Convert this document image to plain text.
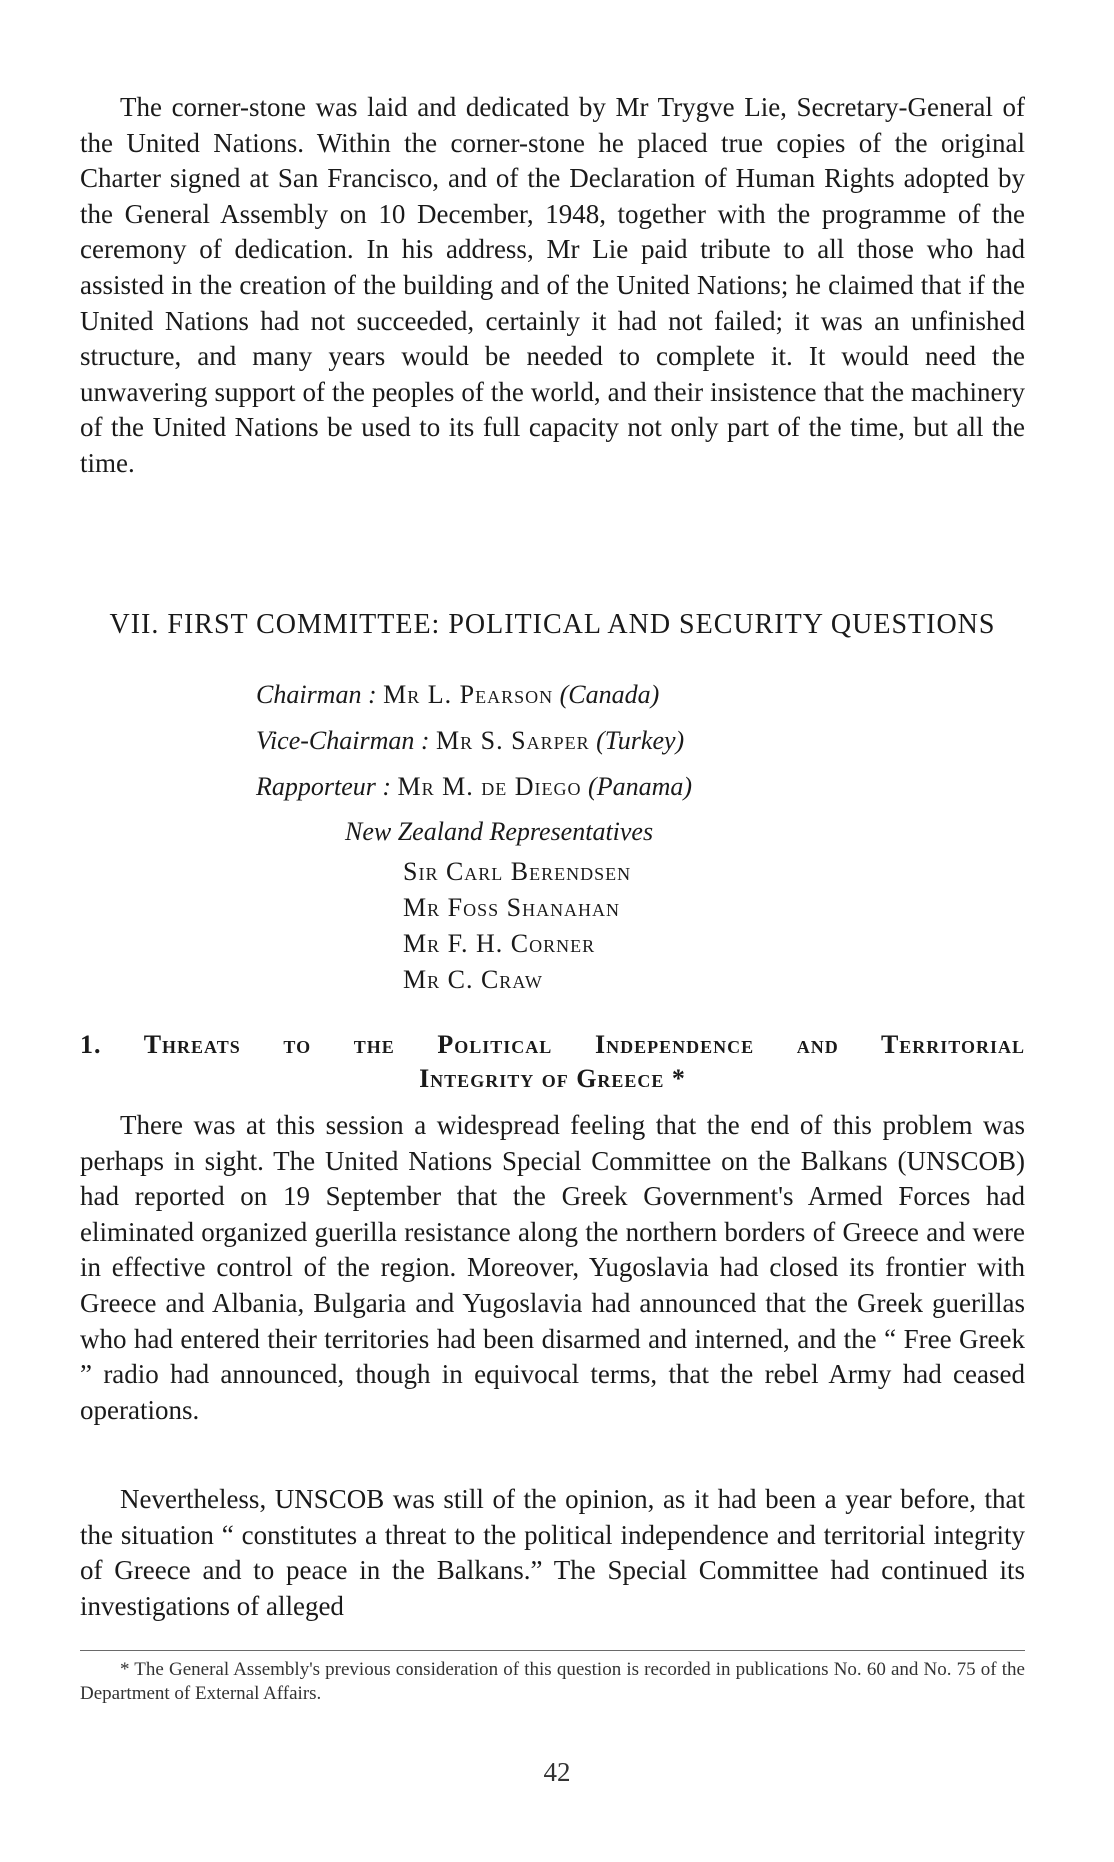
The corner-stone was laid and dedicated by Mr Trygve Lie, Secretary-General of the United Nations. Within the corner-stone he placed true copies of the original Charter signed at San Francisco, and of the Declaration of Human Rights adopted by the General Assembly on 10 December, 1948, together with the programme of the ceremony of dedication. In his address, Mr Lie paid tribute to all those who had assisted in the creation of the building and of the United Nations; he claimed that if the United Nations had not succeeded, certainly it had not failed; it was an unfinished structure, and many years would be needed to complete it. It would need the unwavering support of the peoples of the world, and their insistence that the machinery of the United Nations be used to its full capacity not only part of the time, but all the time.

VII. FIRST COMMITTEE: POLITICAL AND SECURITY QUESTIONS
Chairman : Mr L. Pearson (Canada)
Vice-Chairman : Mr S. Sarper (Turkey)
Rapporteur : Mr M. de Diego (Panama)
New Zealand Representatives
Sir Carl Berendsen
Mr Foss Shanahan
Mr F. H. Corner
Mr C. Craw
1. Threats to the Political Independence and Territorial
Integrity of Greece *

There was at this session a widespread feeling that the end of this problem was perhaps in sight. The United Nations Special Committee on the Balkans (UNSCOB) had reported on 19 September that the Greek Government's Armed Forces had eliminated organized guerilla resistance along the northern borders of Greece and were in effective control of the region. Moreover, Yugoslavia had closed its frontier with Greece and Albania, Bulgaria and Yugoslavia had announced that the Greek guerillas who had entered their territories had been disarmed and interned, and the “ Free Greek ” radio had announced, though in equivocal terms, that the rebel Army had ceased operations.

Nevertheless, UNSCOB was still of the opinion, as it had been a year before, that the situation “ constitutes a threat to the political independence and territorial integrity of Greece and to peace in the Balkans.” The Special Committee had continued its investigations of alleged

* The General Assembly's previous consideration of this question is recorded in publications No. 60 and No. 75 of the Department of External Affairs.

42
